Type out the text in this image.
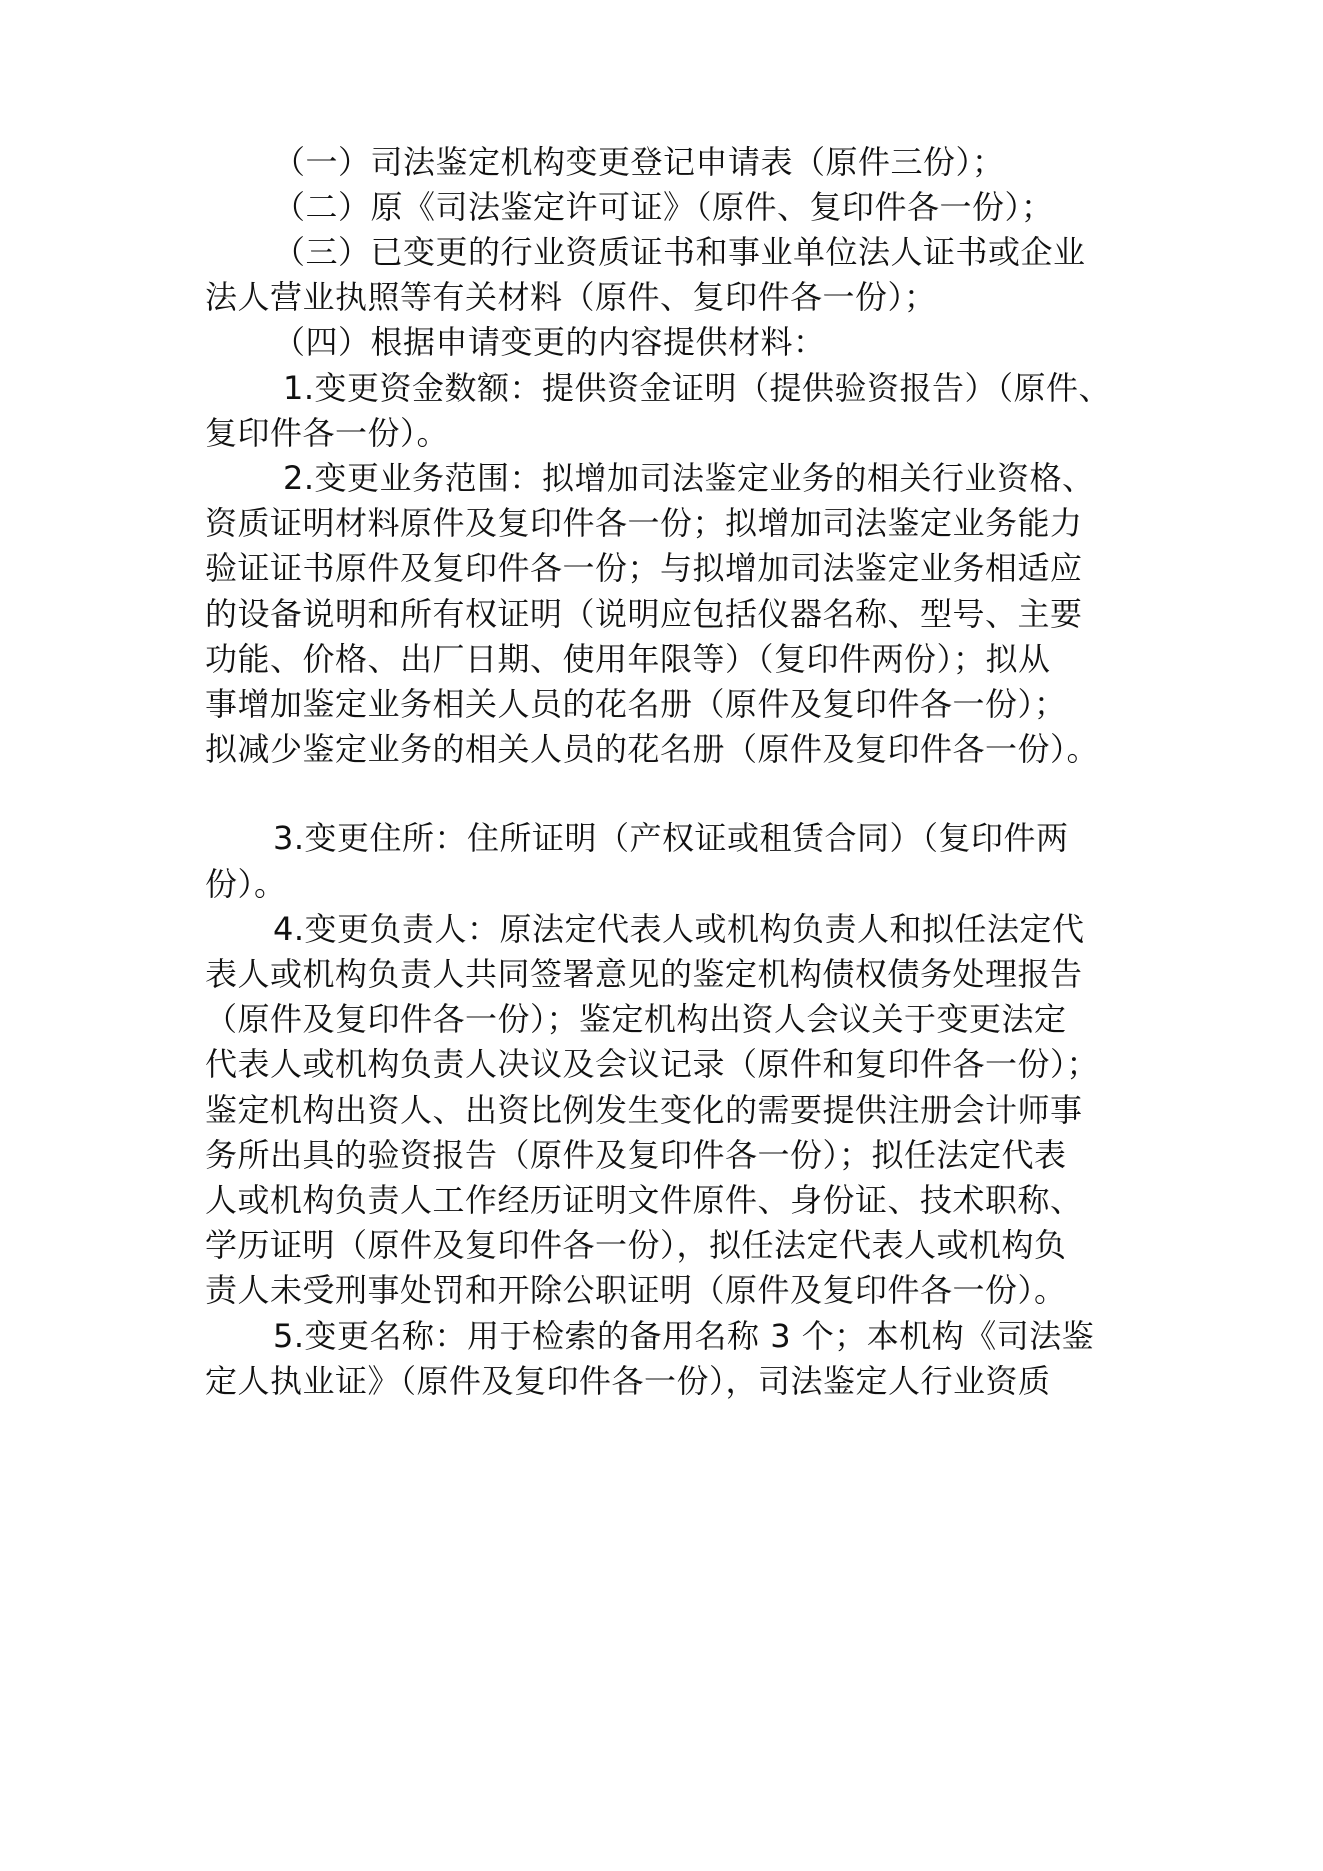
（一）司法鉴定机构变更登记申请表（原件三份）；
（二）原《司法鉴定许可证》（原件、复印件各一份）；
（三）已变更的行业资质证书和事业单位法人证书或企业
法人营业执照等有关材料（原件、复印件各一份）；
（四）根据申请变更的内容提供材料：
1.变更资金数额：提供资金证明（提供验资报告）（原件、
复印件各一份）。
2.变更业务范围：拟增加司法鉴定业务的相关行业资格、
资质证明材料原件及复印件各一份；拟增加司法鉴定业务能力
验证证书原件及复印件各一份；与拟增加司法鉴定业务相适应
的设备说明和所有权证明（说明应包括仪器名称、型号、主要
功能、价格、出厂日期、使用年限等）（复印件两份）；拟从
事增加鉴定业务相关人员的花名册（原件及复印件各一份）；
拟减少鉴定业务的相关人员的花名册（原件及复印件各一份）。
3.变更住所：住所证明（产权证或租赁合同）（复印件两
份）。
4.变更负责人：原法定代表人或机构负责人和拟任法定代
表人或机构负责人共同签署意见的鉴定机构债权债务处理报告
（原件及复印件各一份）；鉴定机构出资人会议关于变更法定
代表人或机构负责人决议及会议记录（原件和复印件各一份）；
鉴定机构出资人、出资比例发生变化的需要提供注册会计师事
务所出具的验资报告（原件及复印件各一份）；拟任法定代表
人或机构负责人工作经历证明文件原件、身份证、技术职称、
学历证明（原件及复印件各一份），拟任法定代表人或机构负
责人未受刑事处罚和开除公职证明（原件及复印件各一份）。
5.变更名称：用于检索的备用名称 3 个；本机构《司法鉴
定人执业证》（原件及复印件各一份），司法鉴定人行业资质
